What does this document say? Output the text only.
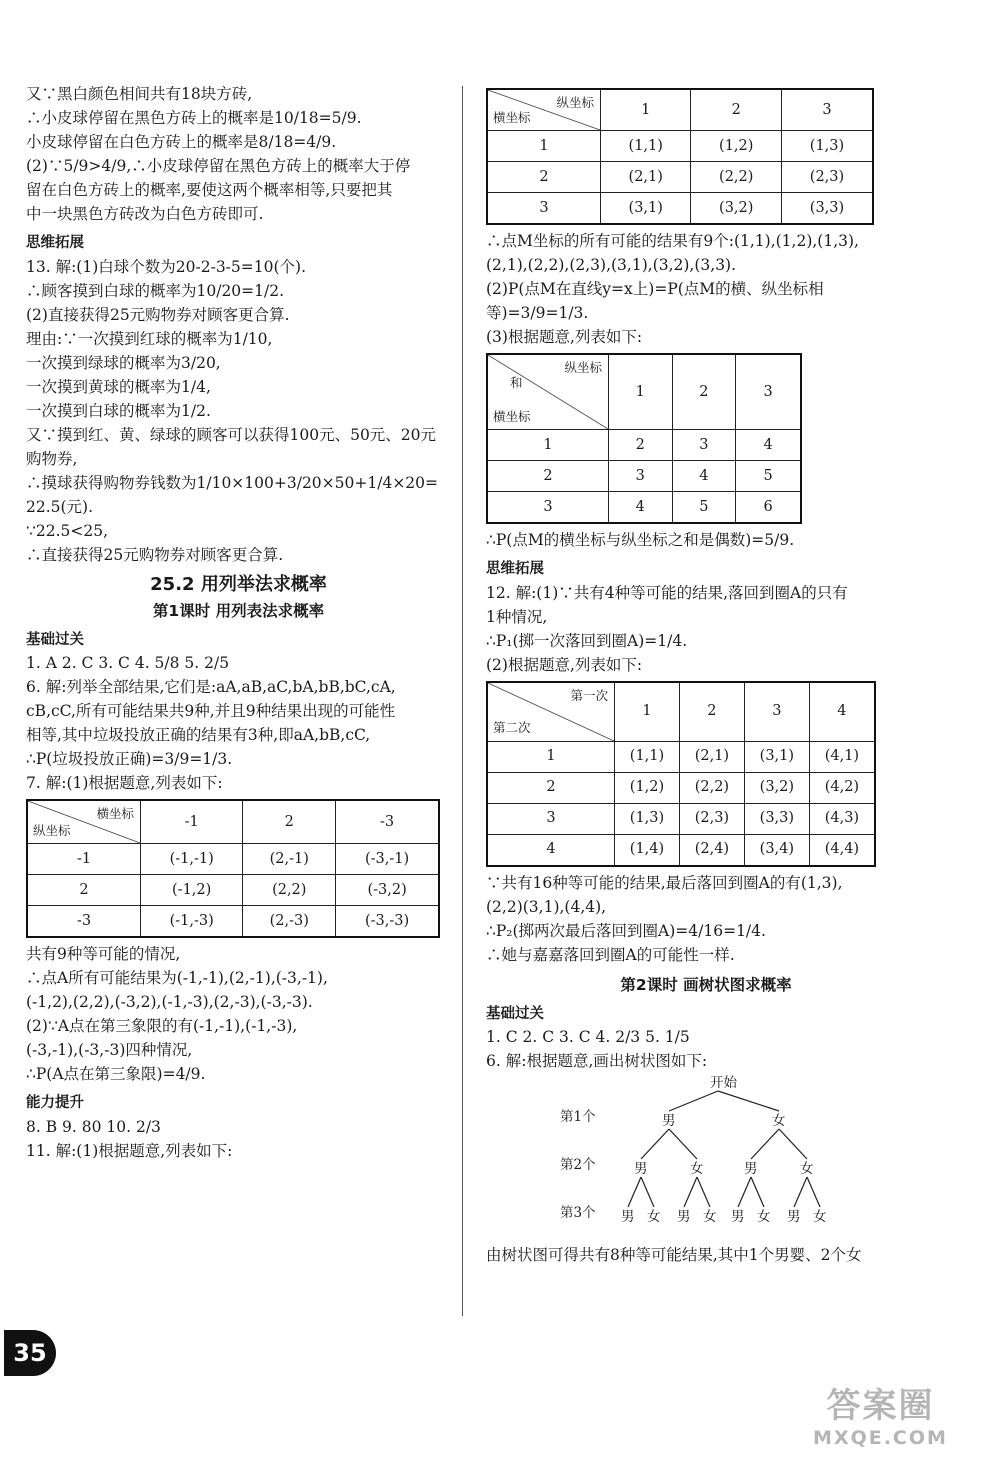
又∵黑白颜色相间共有18块方砖,
∴小皮球停留在黑色方砖上的概率是10/18=5/9.
小皮球停留在白色方砖上的概率是8/18=4/9.
(2)∵5/9>4/9,∴小皮球停留在黑色方砖上的概率大于停
留在白色方砖上的概率,要使这两个概率相等,只要把其
中一块黑色方砖改为白色方砖即可.
思维拓展
13. 解:(1)白球个数为20-2-3-5=10(个).
∴顾客摸到白球的概率为10/20=1/2.
(2)直接获得25元购物券对顾客更合算.
理由:∵一次摸到红球的概率为1/10,
一次摸到绿球的概率为3/20,
一次摸到黄球的概率为1/4,
一次摸到白球的概率为1/2.
又∵摸到红、黄、绿球的顾客可以获得100元、50元、20元
购物券,
∴摸球获得购物券钱数为1/10×100+3/20×50+1/4×20=
22.5(元).
∵22.5<25,
∴直接获得25元购物券对顾客更合算.
25.2 用列举法求概率
第1课时 用列表法求概率
基础过关
1. A 2. C 3. C 4. 5/8 5. 2/5
6. 解:列举全部结果,它们是:aA,aB,aC,bA,bB,bC,cA,
cB,cC,所有可能结果共9种,并且9种结果出现的可能性
相等,其中垃圾投放正确的结果有3种,即aA,bB,cC,
∴P(垃圾投放正确)=3/9=1/3.
7. 解:(1)根据题意,列表如下:
横坐标
纵坐标	-1	2	-3
-1	(-1,-1)	(2,-1)	(-3,-1)
2	(-1,2)	(2,2)	(-3,2)
-3	(-1,-3)	(2,-3)	(-3,-3)
共有9种等可能的情况,
∴点A所有可能结果为(-1,-1),(2,-1),(-3,-1),
(-1,2),(2,2),(-3,2),(-1,-3),(2,-3),(-3,-3).
(2)∵A点在第三象限的有(-1,-1),(-1,-3),
(-3,-1),(-3,-3)四种情况,
∴P(A点在第三象限)=4/9.
能力提升
8. B 9. 80 10. 2/3
11. 解:(1)根据题意,列表如下:
纵坐标
横坐标	1	2	3
1	(1,1)	(1,2)	(1,3)
2	(2,1)	(2,2)	(2,3)
3	(3,1)	(3,2)	(3,3)
∴点M坐标的所有可能的结果有9个:(1,1),(1,2),(1,3),
(2,1),(2,2),(2,3),(3,1),(3,2),(3,3).
(2)P(点M在直线y=x上)=P(点M的横、纵坐标相
等)=3/9=1/3.
(3)根据题意,列表如下:
纵坐标
横坐标
和	1	2	3
1	2	3	4
2	3	4	5
3	4	5	6
∴P(点M的横坐标与纵坐标之和是偶数)=5/9.
思维拓展
12. 解:(1)∵共有4种等可能的结果,落回到圈A的只有
1种情况,
∴P₁(掷一次落回到圈A)=1/4.
(2)根据题意,列表如下:
第一次
第二次	1	2	3	4
1	(1,1)	(2,1)	(3,1)	(4,1)
2	(1,2)	(2,2)	(3,2)	(4,2)
3	(1,3)	(2,3)	(3,3)	(4,3)
4	(1,4)	(2,4)	(3,4)	(4,4)
∵共有16种等可能的结果,最后落回到圈A的有(1,3),
(2,2)(3,1),(4,4),
∴P₂(掷两次最后落回到圈A)=4/16=1/4.
∴她与嘉嘉落回到圈A的可能性一样.
第2课时 画树状图求概率
基础过关
1. C 2. C 3. C 4. 2/3 5. 1/5
6. 解:根据题意,画出树状图如下:
开始
第1个
第2个
第3个
男	女
男	女	男	女
男 女 男 女 男 女 男 女
由树状图可得共有8种等可能结果,其中1个男婴、2个女
35
答案圈
MXQE.COM
